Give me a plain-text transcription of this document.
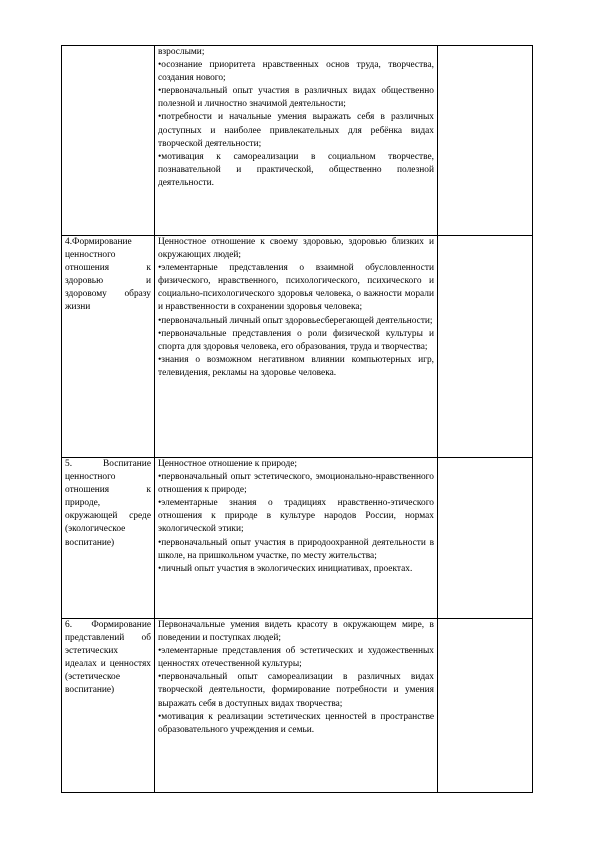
	взрослыми;

•осознание приоритета нравственных основ труда, творчества, создания нового;

•первоначальный опыт участия в различных видах общественно полезной и личностно значимой деятельности;

•потребности и начальные умения выражать себя в различных доступных и наиболее привлекательных для ребёнка видах творческой деятельности;

•мотивация к самореализации в социальном творчестве, познавательной и практической, общественно полезной деятельности.	

4.Формирование ценностного отношения к здоровью и здоровому образу жизни	Ценностное отношение к своему здоровью, здоровью близких и окружающих людей;

•элементарные представления о взаимной обусловленности физического, нравственного, психологического, психического и социально-психологического здоровья человека, о важности морали и нравственности в сохранении здоровья человека;

•первоначальный личный опыт здоровьесберегающей деятельности;

•первоначальные представления о роли физической культуры и спорта для здоровья человека, его образования, труда и творчества;

•знания о возможном негативном влиянии компьютерных игр, телевидения, рекламы на здоровье человека.	

5. Воспитание ценностного отношения к природе, окружающей среде (экологическое воспитание)	Ценностное отношение к природе;

•первоначальный опыт эстетического, эмоционально-нравственного отношения к природе;

•элементарные знания о традициях нравственно-этического отношения к природе в культуре народов России, нормах экологической этики;

•первоначальный опыт участия в природоохранной деятельности в школе, на пришкольном участке, по месту жительства;

•личный опыт участия в экологических инициативах, проектах.	

6. Формирование представлений об эстетических идеалах и ценностях (эстетическое воспитание)	Первоначальные умения видеть красоту в окружающем мире, в поведении и поступках людей;

•элементарные представления об эстетических и художественных ценностях отечественной культуры;

•первоначальный опыт самореализации в различных видах творческой деятельности, формирование потребности и умения выражать себя в доступных видах творчества;

•мотивация к реализации эстетических ценностей в пространстве образовательного учреждения и семьи.	
